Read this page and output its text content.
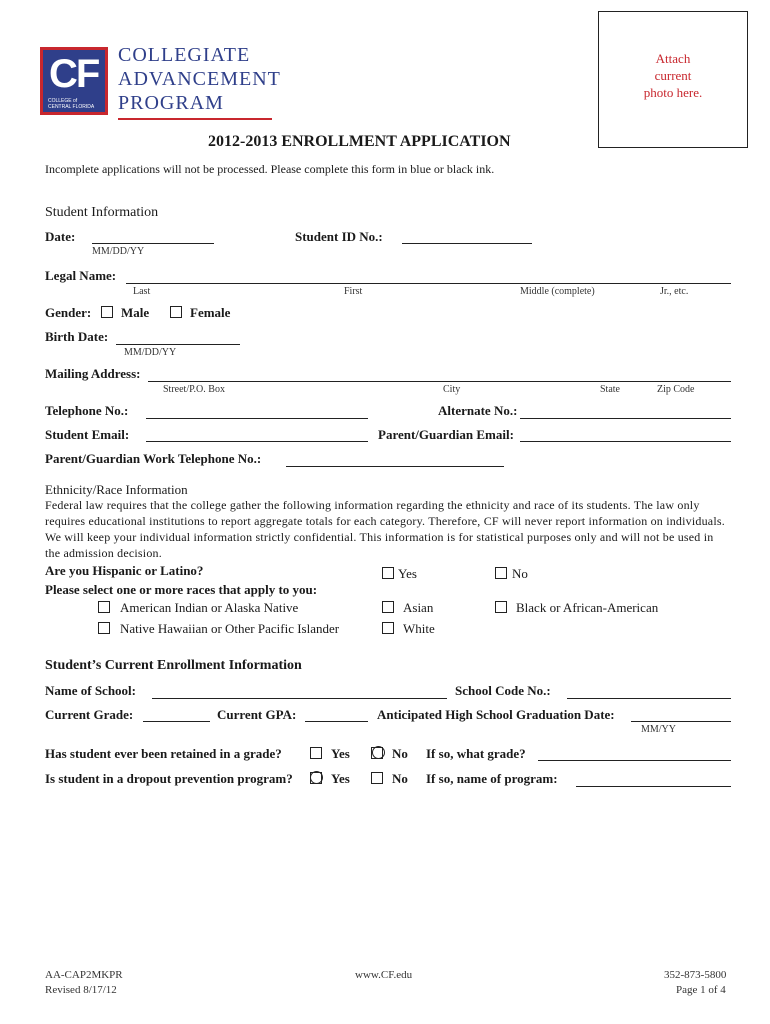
CF
COLLEGE of
CENTRAL FLORIDA
COLLEGIATE
ADVANCEMENT
PROGRAM
Attach current photo here.
2012-2013 ENROLLMENT APPLICATION
Incomplete applications will not be processed. Please complete this form in blue or black ink.
Student Information
Date:
MM/DD/YY
Student ID No.:
Legal Name:
Last	First	Middle (complete)	Jr., etc.
Gender: Male	Female
Birth Date:
MM/DD/YY
Mailing Address:
Street/P.O. Box	City	State	Zip Code
Telephone No.:	Alternate No.:
Student Email:	Parent/Guardian Email:
Parent/Guardian Work Telephone No.:
Ethnicity/Race Information
Federal law requires that the college gather the following information regarding the ethnicity and race of its students. The law only requires educational institutions to report aggregate totals for each category. Therefore, CF will never report information on individuals. We will keep your individual information strictly confidential. This information is for statistical purposes only and will not be used in the admission decision.
Are you Hispanic or Latino?	Yes	No
Please select one or more races that apply to you:
American Indian or Alaska Native	Asian	Black or African-American
Native Hawaiian or Other Pacific Islander	White
Student’s Current Enrollment Information
Name of School:	School Code No.:
Current Grade:	Current GPA:	Anticipated High School Graduation Date:
MM/YY
Has student ever been retained in a grade?	Yes	No If so, what grade?
Is student in a dropout prevention program?	Yes	No If so, name of program:
AA-CAP2MKPR
Revised 8/17/12
www.CF.edu	352-873-5800
Page 1 of 4
